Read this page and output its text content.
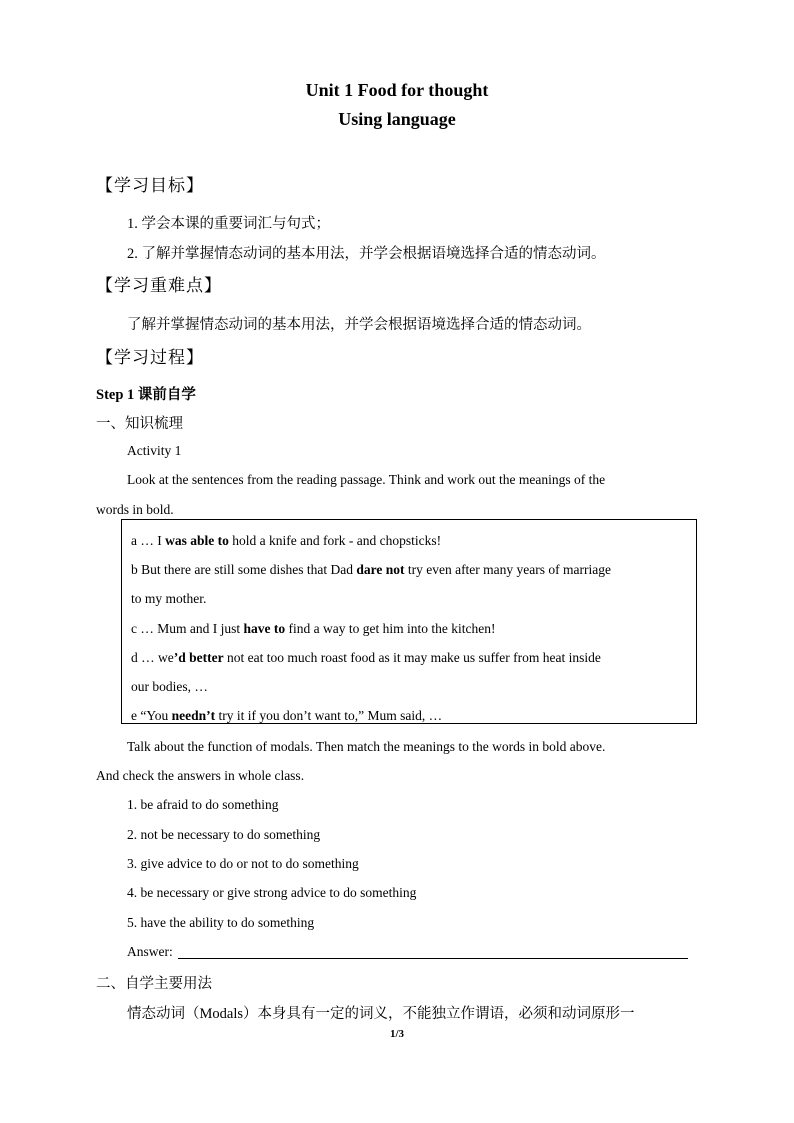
Unit 1 Food for thought
Using language
【学习目标】
1. 学会本课的重要词汇与句式；
2. 了解并掌握情态动词的基本用法，并学会根据语境选择合适的情态动词。
【学习重难点】
了解并掌握情态动词的基本用法，并学会根据语境选择合适的情态动词。
【学习过程】
Step 1 课前自学
一、知识梳理
Activity 1
Look at the sentences from the reading passage. Think and work out the meanings of the
words in bold.
a … I was able to hold a knife and fork - and chopsticks!
b But there are still some dishes that Dad dare not try even after many years of marriage
to my mother.
c … Mum and I just have to find a way to get him into the kitchen!
d … we’d better not eat too much roast food as it may make us suffer from heat inside
our bodies, …
e “You needn’t try it if you don’t want to,” Mum said, …
Talk about the function of modals. Then match the meanings to the words in bold above.
And check the answers in whole class.
1. be afraid to do something
2. not be necessary to do something
3. give advice to do or not to do something
4. be necessary or give strong advice to do something
5. have the ability to do something
Answer:
二、自学主要用法
情态动词（Modals）本身具有一定的词义，不能独立作谓语，必须和动词原形一
1/3
